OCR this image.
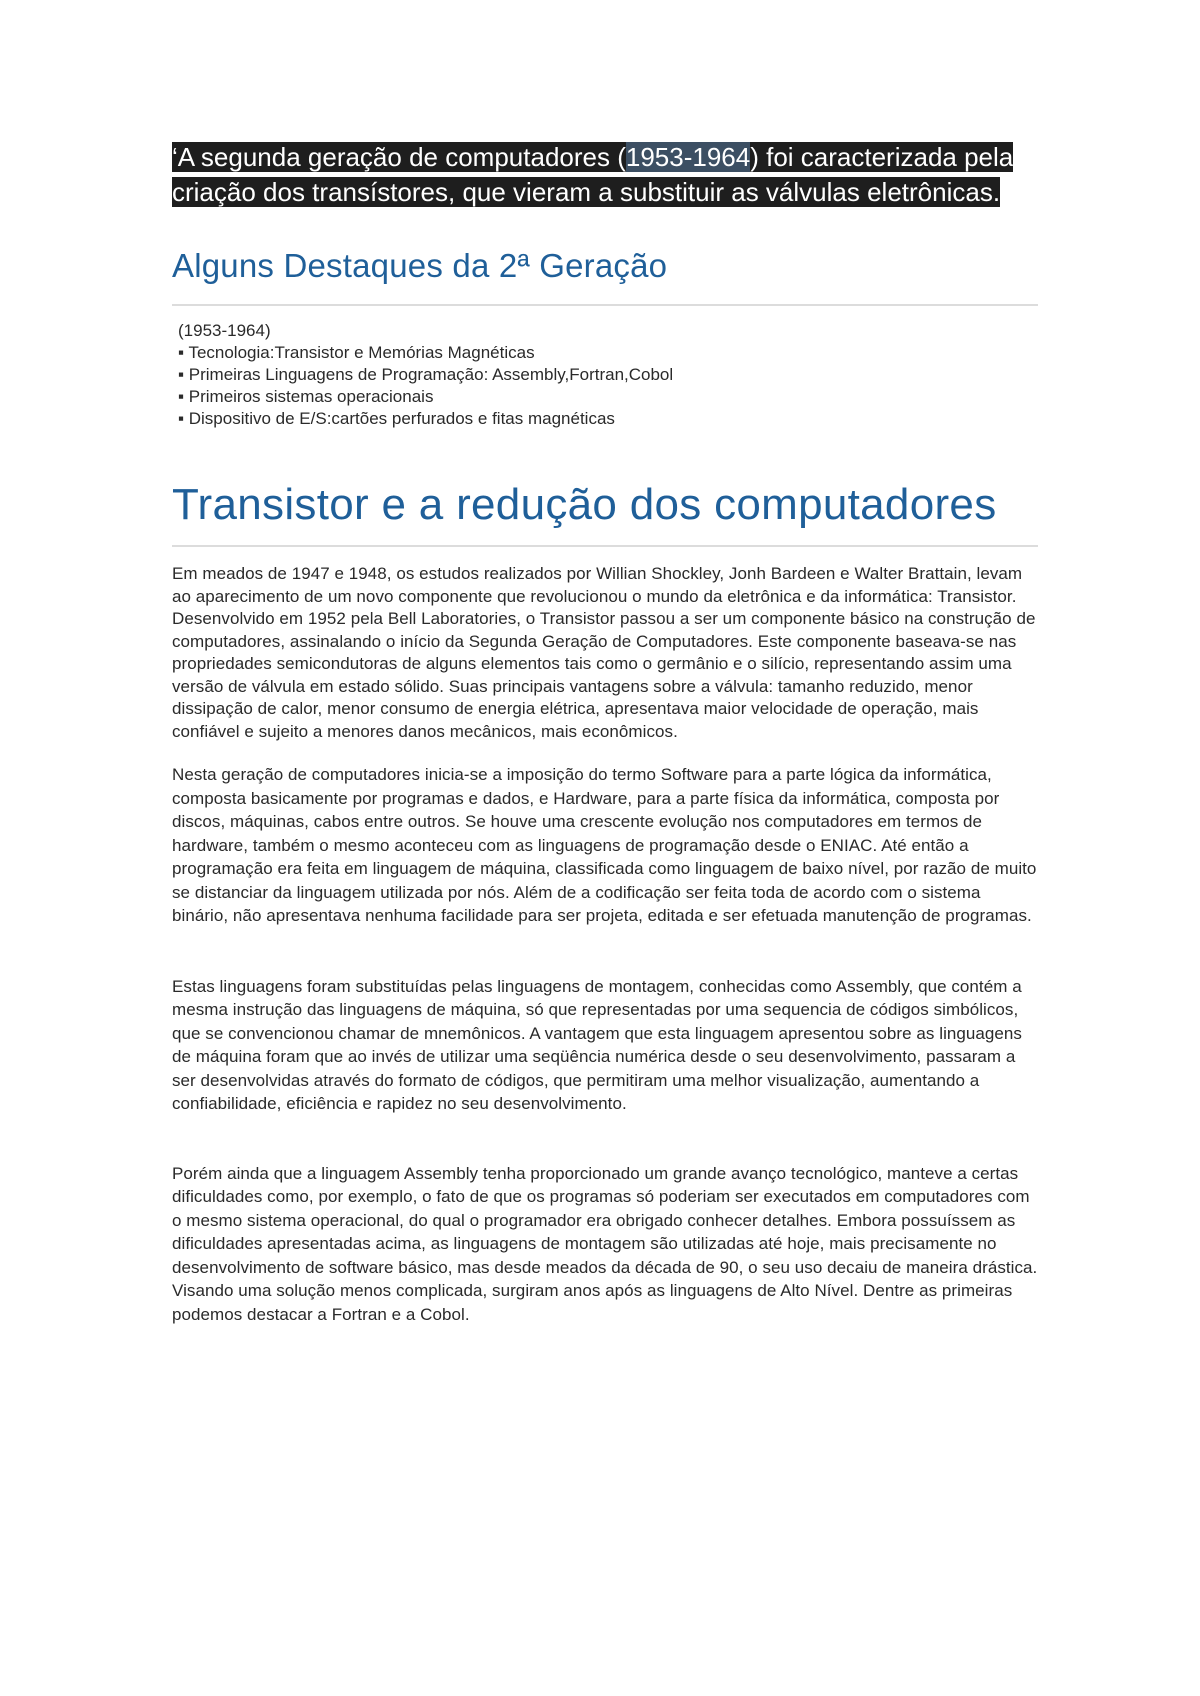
‘A segunda geração de computadores (1953-1964) foi caracterizada pela criação dos transístores, que vieram a substituir as válvulas eletrônicas.

Alguns Destaques da 2ª Geração
(1953-1964)
▪ Tecnologia:Transistor e Memórias Magnéticas
▪ Primeiras Linguagens de Programação: Assembly,Fortran,Cobol
▪ Primeiros sistemas operacionais
▪ Dispositivo de E/S:cartões perfurados e fitas magnéticas
Transistor e a redução dos computadores

Em meados de 1947 e 1948, os estudos realizados por Willian Shockley, Jonh Bardeen e Walter Brattain, levam ao aparecimento de um novo componente que revolucionou o mundo da eletrônica e da informática: Transistor. Desenvolvido em 1952 pela Bell Laboratories, o Transistor passou a ser um componente básico na construção de computadores, assinalando o início da Segunda Geração de Computadores. Este componente baseava-se nas propriedades semicondutoras de alguns elementos tais como o germânio e o silício, representando assim uma versão de válvula em estado sólido. Suas principais vantagens sobre a válvula: tamanho reduzido, menor dissipação de calor, menor consumo de energia elétrica, apresentava maior velocidade de operação, mais confiável e sujeito a menores danos mecânicos, mais econômicos.

Nesta geração de computadores inicia-se a imposição do termo Software para a parte lógica da informática, composta basicamente por programas e dados, e Hardware, para a parte física da informática, composta por discos, máquinas, cabos entre outros. Se houve uma crescente evolução nos computadores em termos de hardware, também o mesmo aconteceu com as linguagens de programação desde o ENIAC. Até então a programação era feita em linguagem de máquina, classificada como linguagem de baixo nível, por razão de muito se distanciar da linguagem utilizada por nós. Além de a codificação ser feita toda de acordo com o sistema binário, não apresentava nenhuma facilidade para ser projeta, editada e ser efetuada manutenção de programas.

Estas linguagens foram substituídas pelas linguagens de montagem, conhecidas como Assembly, que contém a mesma instrução das linguagens de máquina, só que representadas por uma sequencia de códigos simbólicos, que se convencionou chamar de mnemônicos. A vantagem que esta linguagem apresentou sobre as linguagens de máquina foram que ao invés de utilizar uma seqüência numérica desde o seu desenvolvimento, passaram a ser desenvolvidas através do formato de códigos, que permitiram uma melhor visualização, aumentando a confiabilidade, eficiência e rapidez no seu desenvolvimento.

Porém ainda que a linguagem Assembly tenha proporcionado um grande avanço tecnológico, manteve a certas dificuldades como, por exemplo, o fato de que os programas só poderiam ser executados em computadores com o mesmo sistema operacional, do qual o programador era obrigado conhecer detalhes. Embora possuíssem as dificuldades apresentadas acima, as linguagens de montagem são utilizadas até hoje, mais precisamente no desenvolvimento de software básico, mas desde meados da década de 90, o seu uso decaiu de maneira drástica. Visando uma solução menos complicada, surgiram anos após as linguagens de Alto Nível. Dentre as primeiras podemos destacar a Fortran e a Cobol.
